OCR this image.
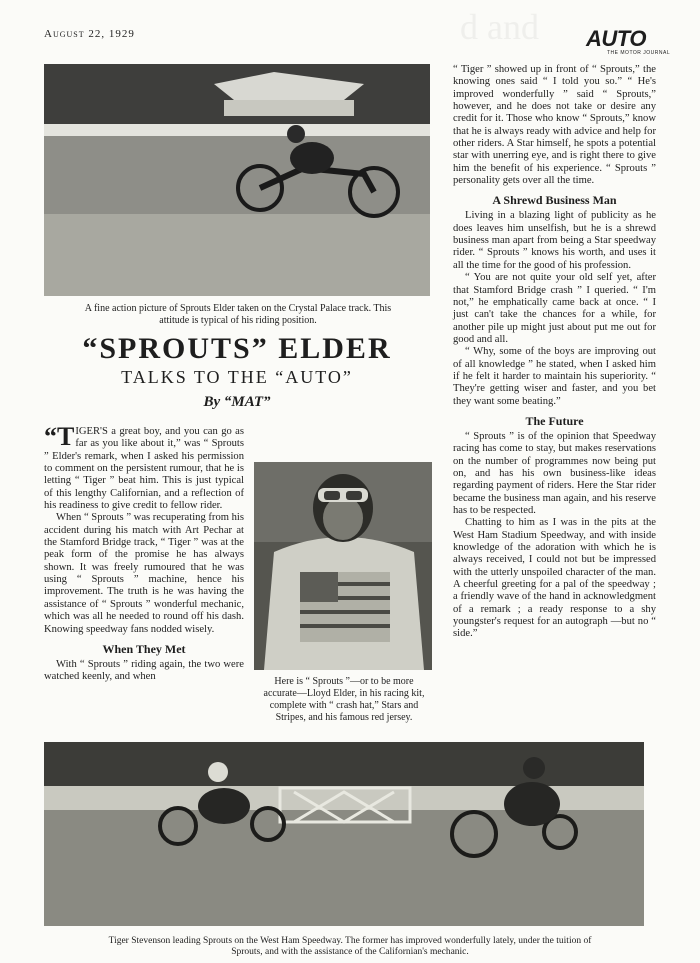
d and
August 22, 1929	AUTO
THE MOTOR JOURNAL
A fine action picture of Sprouts Elder taken on the Crystal Palace track. This attitude is typical of his riding position.
“SPROUTS” ELDER
TALKS TO THE “AUTO”
By “MAT”

“TIGER'S a great boy, and you can go as far as you like about it,” was “ Sprouts ” Elder's remark, when I asked his permission to comment on the persistent rumour, that he is letting “ Tiger ” beat him. This is just typical of this lengthy Californian, and a reflection of his readiness to give credit to fellow rider.

When “ Sprouts ” was recuperating from his accident during his match with Art Pechar at the Stamford Bridge track, “ Tiger ” was at the peak form of the promise he has always shown. It was freely rumoured that he was using “ Sprouts ” machine, hence his improvement. The truth is he was having the assistance of “ Sprouts ” wonderful mechanic, which was all he needed to round off his dash. Knowing speedway fans nodded wisely.

When They Met

With “ Sprouts ” riding again, the two were watched keenly, and when	Here is “ Sprouts ”—or to be more accurate—Lloyd Elder, in his racing kit, complete with “ crash hat,” Stars and Stripes, and his famous red jersey.

“ Tiger ” showed up in front of “ Sprouts,” the knowing ones said “ I told you so.” “ He's improved wonderfully ” said “ Sprouts,” however, and he does not take or desire any credit for it. Those who know “ Sprouts,” know that he is always ready with advice and help for other riders. A Star himself, he spots a potential star with unerring eye, and is right there to give him the benefit of his experience. “ Sprouts ” personality gets over all the time.

A Shrewd Business Man

Living in a blazing light of publicity as he does leaves him unselfish, but he is a shrewd business man apart from being a Star speedway rider. “ Sprouts ” knows his worth, and uses it all the time for the good of his profession.

“ You are not quite your old self yet, after that Stamford Bridge crash ” I queried. “ I'm not,” he emphatically came back at once. “ I just can't take the chances for a while, for another pile up might just about put me out for good and all.

“ Why, some of the boys are improving out of all knowledge ” he stated, when I asked him if he felt it harder to maintain his superiority. “ They're getting wiser and faster, and you bet they want some beating.”

The Future

“ Sprouts ” is of the opinion that Speedway racing has come to stay, but makes reservations on the number of programmes now being put on, and has his own business-like ideas regarding payment of riders. Here the Star rider became the business man again, and his reserve has to be respected.

Chatting to him as I was in the pits at the West Ham Stadium Speedway, and with inside knowledge of the adoration with which he is always received, I could not but be impressed with the utterly unspoiled character of the man. A cheerful greeting for a pal of the speedway ; a friendly wave of the hand in acknowledgment of a remark ; a ready response to a shy youngster's request for an autograph —but no “ side.”

Tiger Stevenson leading Sprouts on the West Ham Speedway. The former has improved wonderfully lately, under the tuition of Sprouts, and with the assistance of the Californian's mechanic.
